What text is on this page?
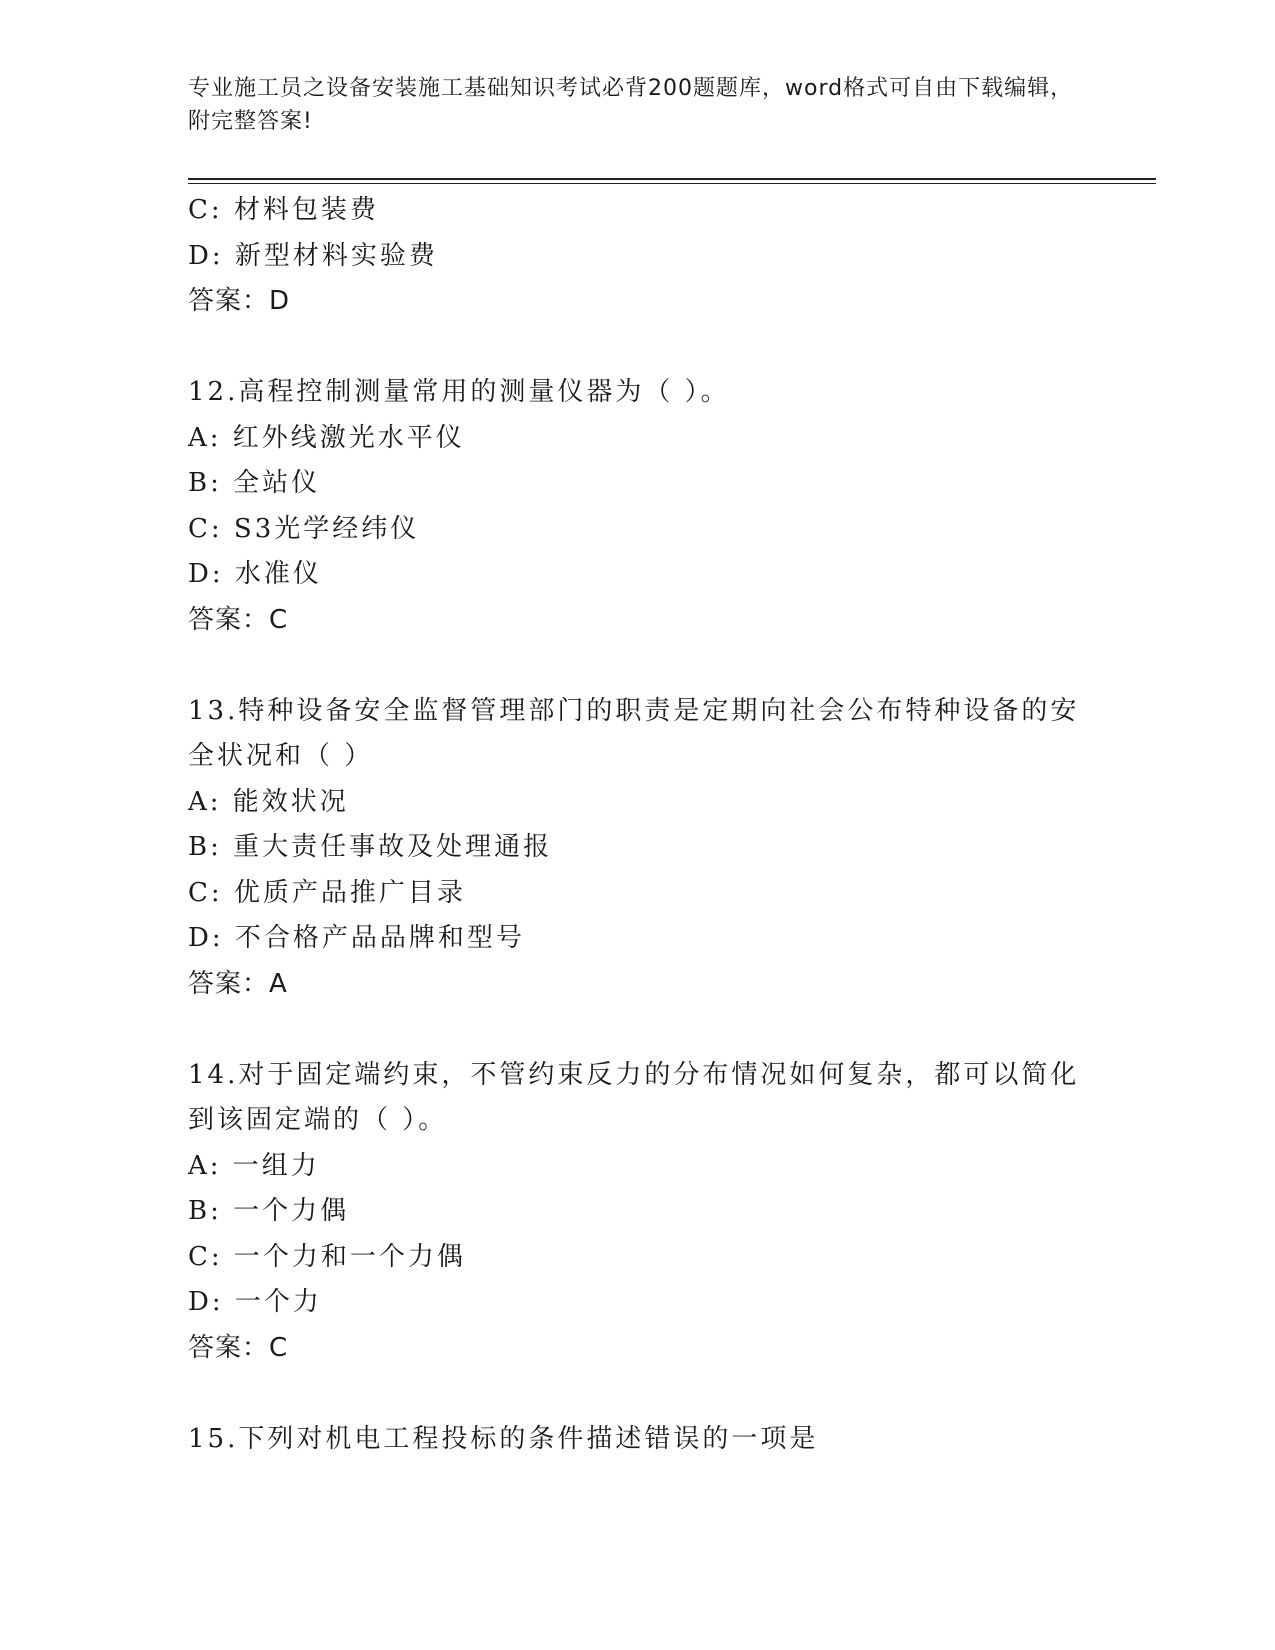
专业施工员之设备安装施工基础知识考试必背200题题库，word格式可自由下载编辑，附完整答案!
C: 材料包装费
D: 新型材料实验费
答案：D
12.高程控制测量常用的测量仪器为（ ）。
A: 红外线激光水平仪
B: 全站仪
C: S3光学经纬仪
D: 水准仪
答案：C
13.特种设备安全监督管理部门的职责是定期向社会公布特种设备的安全状况和（ ）
A: 能效状况
B: 重大责任事故及处理通报
C: 优质产品推广目录
D: 不合格产品品牌和型号
答案：A
14.对于固定端约束，不管约束反力的分布情况如何复杂，都可以简化到该固定端的（ ）。
A: 一组力
B: 一个力偶
C: 一个力和一个力偶
D: 一个力
答案：C
15.下列对机电工程投标的条件描述错误的一项是
